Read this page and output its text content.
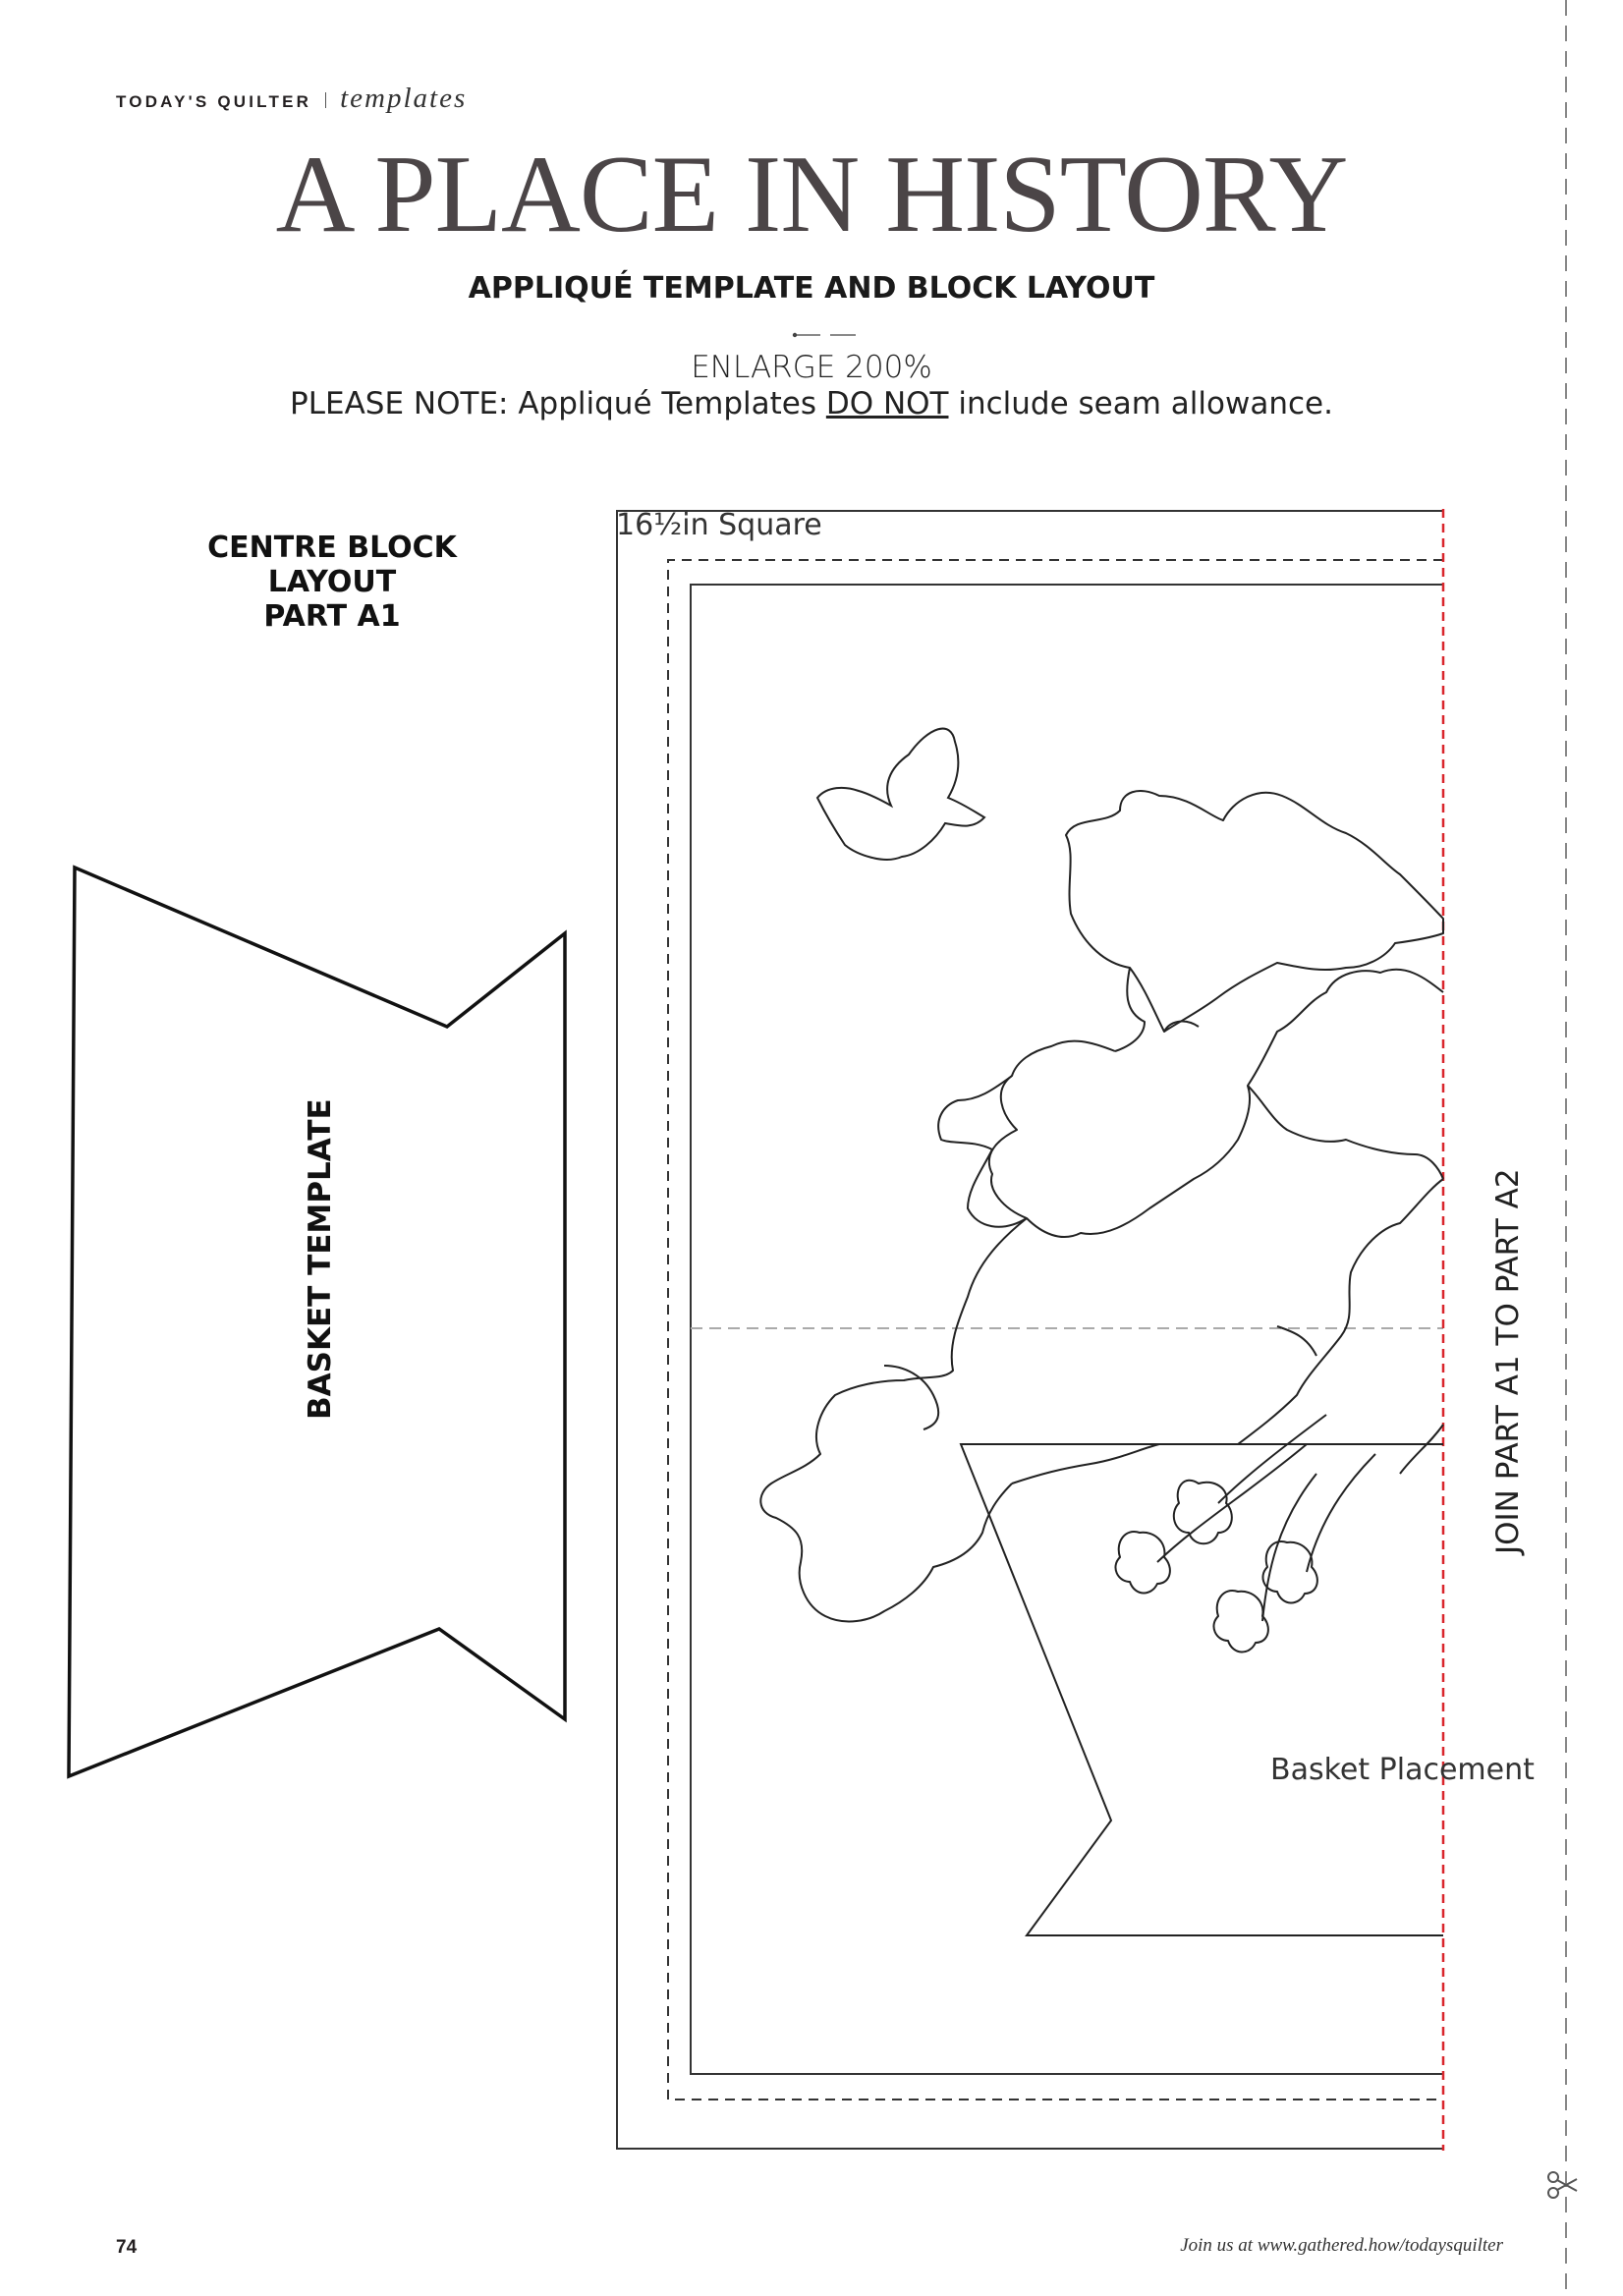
TODAY'S QUILTER templates
A PLACE IN HISTORY
APPLIQUÉ TEMPLATE AND BLOCK LAYOUT
ENLARGE 200%
PLEASE NOTE: Appliqué Templates DO NOT include seam allowance.
CENTRE BLOCK
LAYOUT
PART A1
BASKET TEMPLATE
16½in Square
Basket Placement
JOIN PART A1 TO PART A2
74	Join us at www.gathered.how/todaysquilter
